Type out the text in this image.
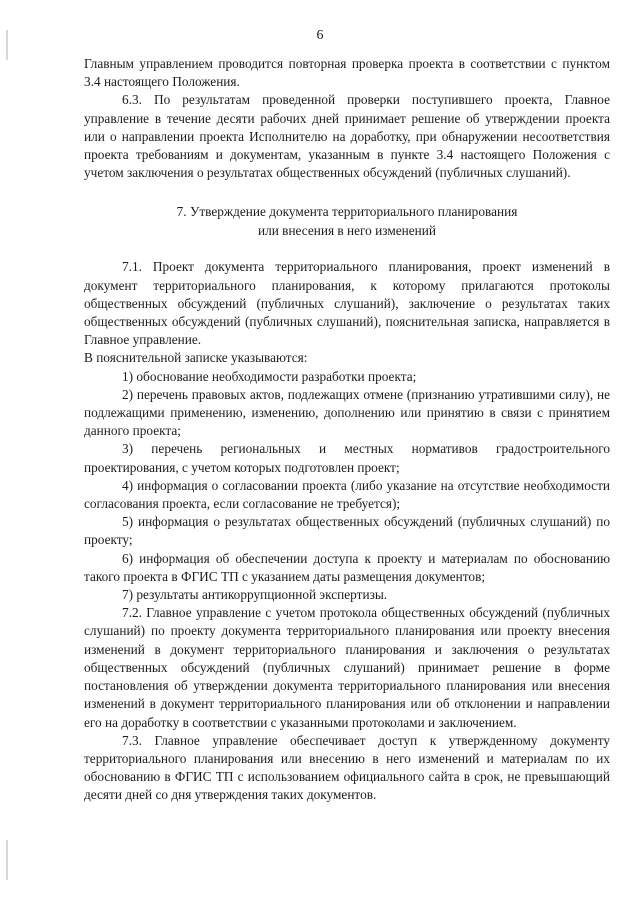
6

Главным управлением проводится повторная проверка проекта в соответствии с пунктом 3.4 настоящего Положения.

6.3. По результатам проведенной проверки поступившего проекта, Главное управление в течение десяти рабочих дней принимает решение об утверждении проекта или о направлении проекта Исполнителю на доработку, при обнаружении несоответствия проекта требованиям и документам, указанным в пункте 3.4 настоящего Положения с учетом заключения о результатах общественных обсуждений (публичных слушаний).

7. Утверждение документа территориального планирования
или внесения в него изменений

7.1. Проект документа территориального планирования, проект изменений в документ территориального планирования, к которому прилагаются протоколы общественных обсуждений (публичных слушаний), заключение о результатах таких общественных обсуждений (публичных слушаний), пояснительная записка, направляется в Главное управление.

В пояснительной записке указываются:

1) обоснование необходимости разработки проекта;

2) перечень правовых актов, подлежащих отмене (признанию утратившими силу), не подлежащими применению, изменению, дополнению или принятию в связи с принятием данного проекта;

3) перечень региональных и местных нормативов градостроительного проектирования, с учетом которых подготовлен проект;

4) информация о согласовании проекта (либо указание на отсутствие необходимости согласования проекта, если согласование не требуется);

5) информация о результатах общественных обсуждений (публичных слушаний) по проекту;

6) информация об обеспечении доступа к проекту и материалам по обоснованию такого проекта в ФГИС ТП с указанием даты размещения документов;

7) результаты антикоррупционной экспертизы.

7.2. Главное управление с учетом протокола общественных обсуждений (публичных слушаний) по проекту документа территориального планирования или проекту внесения изменений в документ территориального планирования и заключения о результатах общественных обсуждений (публичных слушаний) принимает решение в форме постановления об утверждении документа территориального планирования или внесения изменений в документ территориального планирования или об отклонении и направлении его на доработку в соответствии с указанными протоколами и заключением.

7.3. Главное управление обеспечивает доступ к утвержденному документу территориального планирования или внесению в него изменений и материалам по их обоснованию в ФГИС ТП с использованием официального сайта в срок, не превышающий десяти дней со дня утверждения таких документов.
